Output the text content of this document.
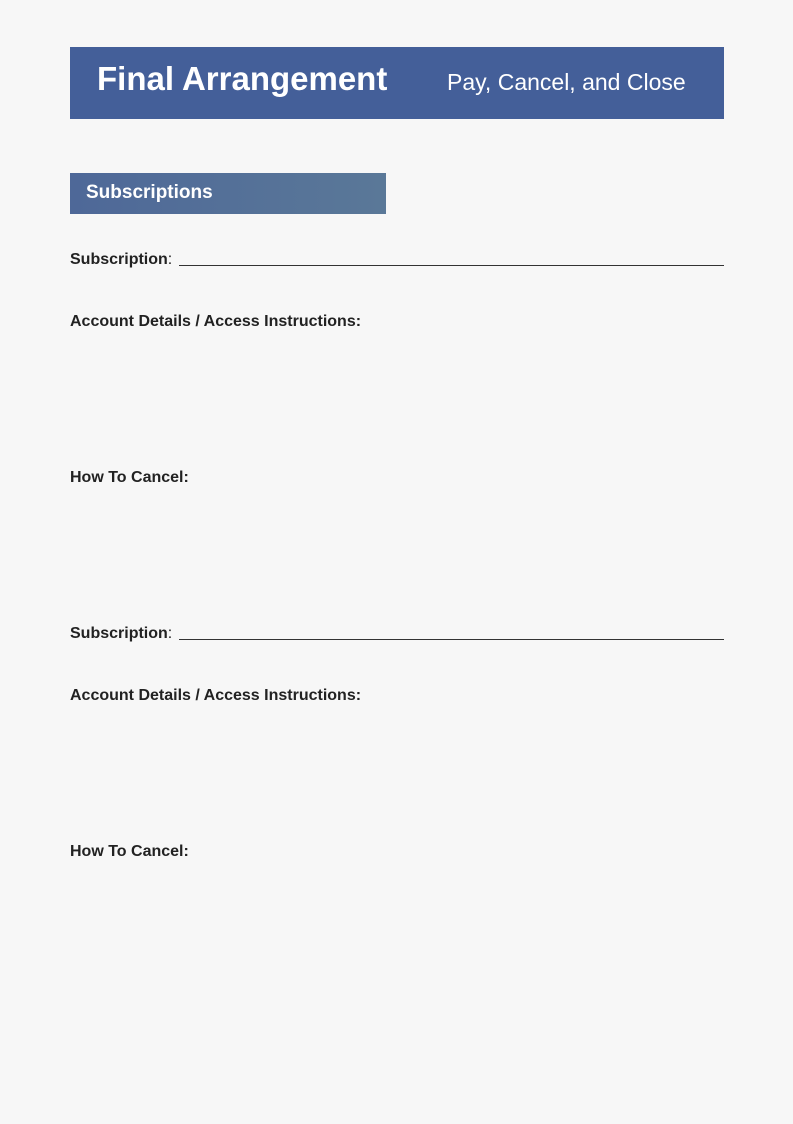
Final Arrangement	Pay, Cancel, and Close
Subscriptions
Subscription:
Account Details / Access Instructions:
How To Cancel:
Subscription:
Account Details / Access Instructions:
How To Cancel:
